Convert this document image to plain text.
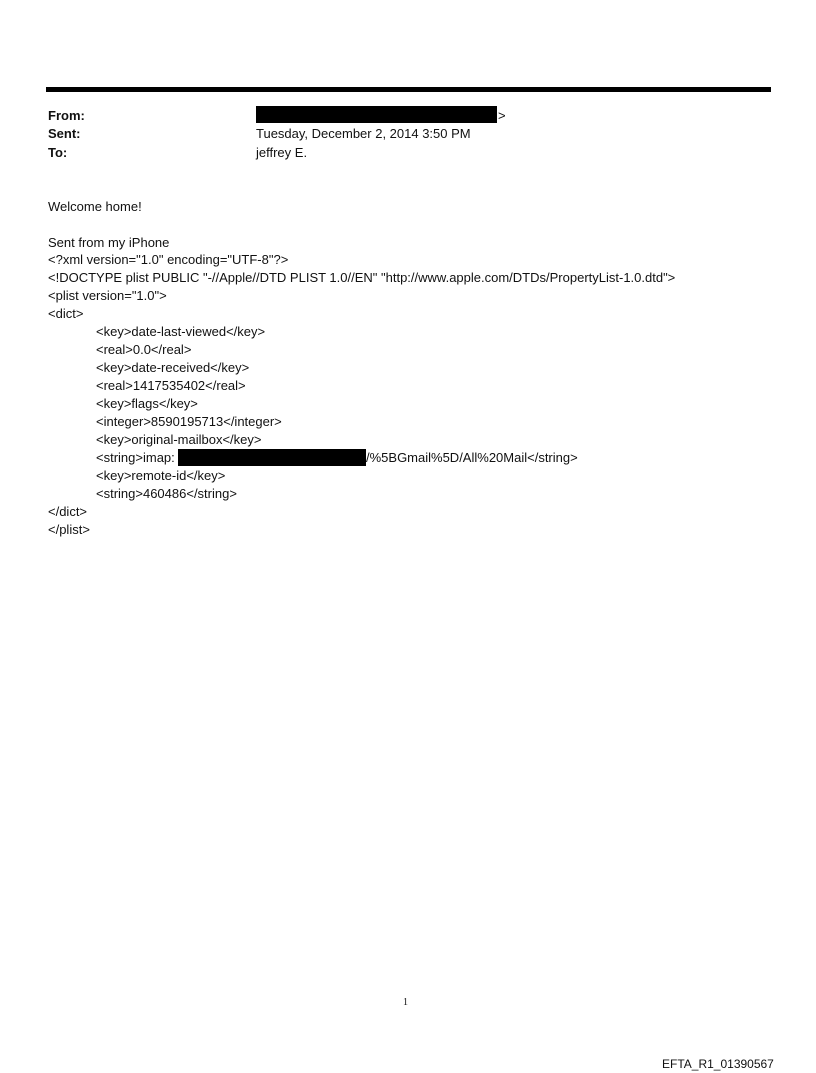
From:	>
Sent:	Tuesday, December 2, 2014 3:50 PM
To:	jeffrey E.
Welcome home!
Sent from my iPhone
<?xml version="1.0" encoding="UTF-8"?>
<!DOCTYPE plist PUBLIC "-//Apple//DTD PLIST 1.0//EN" "http://www.apple.com/DTDs/PropertyList-1.0.dtd">
<plist version="1.0">
<dict>
<key>date-last-viewed</key>
<real>0.0</real>
<key>date-received</key>
<real>1417535402</real>
<key>flags</key>
<integer>8590195713</integer>
<key>original-mailbox</key>
<string>imap:	/%5BGmail%5D/All%20Mail</string>
<key>remote-id</key>
<string>460486</string>
</dict>
</plist>
1
EFTA_R1_01390567
